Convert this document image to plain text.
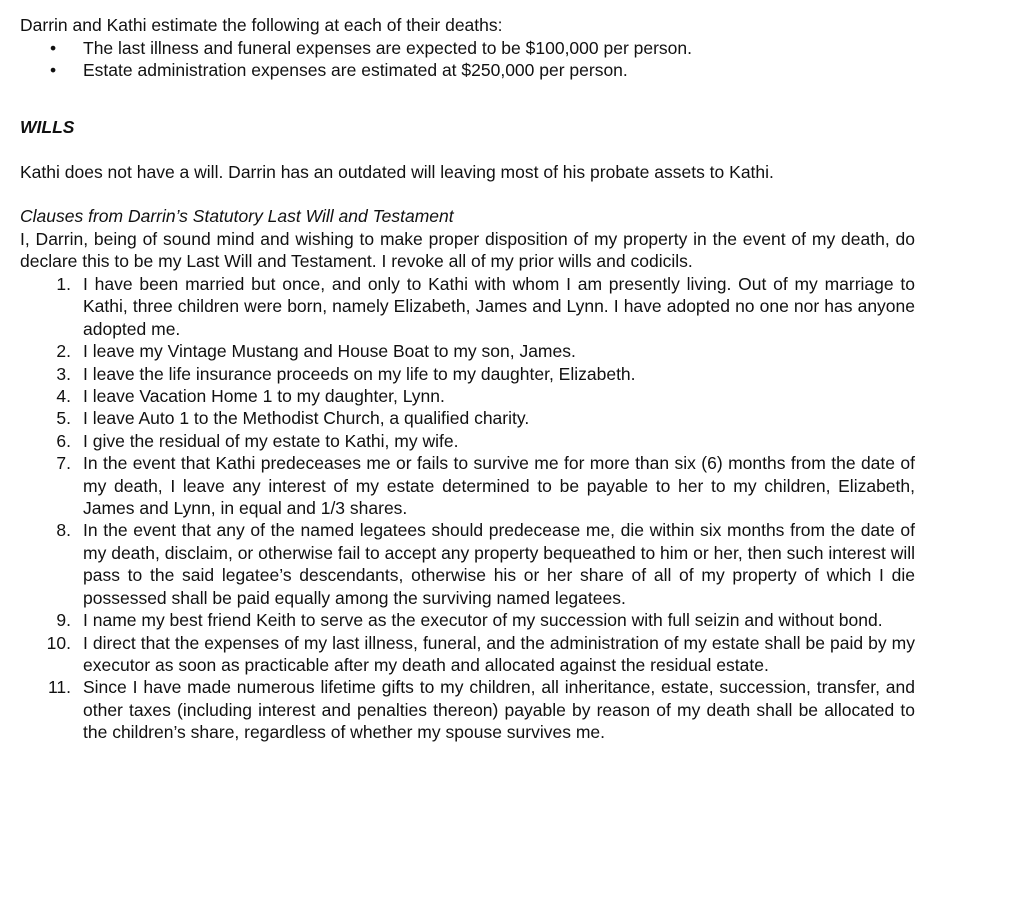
Darrin and Kathi estimate the following at each of their deaths:
• The last illness and funeral expenses are expected to be $100,000 per person.
• Estate administration expenses are estimated at $250,000 per person.
WILLS
Kathi does not have a will. Darrin has an outdated will leaving most of his probate assets to Kathi.
Clauses from Darrin’s Statutory Last Will and Testament
I, Darrin, being of sound mind and wishing to make proper disposition of my property in the event of my death, do declare this to be my Last Will and Testament. I revoke all of my prior wills and codicils.
1. I have been married but once, and only to Kathi with whom I am presently living. Out of my marriage to Kathi, three children were born, namely Elizabeth, James and Lynn. I have adopted no one nor has anyone adopted me.
2. I leave my Vintage Mustang and House Boat to my son, James.
3. I leave the life insurance proceeds on my life to my daughter, Elizabeth.
4. I leave Vacation Home 1 to my daughter, Lynn.
5. I leave Auto 1 to the Methodist Church, a qualified charity.
6. I give the residual of my estate to Kathi, my wife.
7. In the event that Kathi predeceases me or fails to survive me for more than six (6) months from the date of my death, I leave any interest of my estate determined to be payable to her to my children, Elizabeth, James and Lynn, in equal and 1/3 shares.
8. In the event that any of the named legatees should predecease me, die within six months from the date of my death, disclaim, or otherwise fail to accept any property bequeathed to him or her, then such interest will pass to the said legatee’s descendants, otherwise his or her share of all of my property of which I die possessed shall be paid equally among the surviving named legatees.
9. I name my best friend Keith to serve as the executor of my succession with full seizin and without bond.
10. I direct that the expenses of my last illness, funeral, and the administration of my estate shall be paid by my executor as soon as practicable after my death and allocated against the residual estate.
11. Since I have made numerous lifetime gifts to my children, all inheritance, estate, succession, transfer, and other taxes (including interest and penalties thereon) payable by reason of my death shall be allocated to the children’s share, regardless of whether my spouse survives me.
